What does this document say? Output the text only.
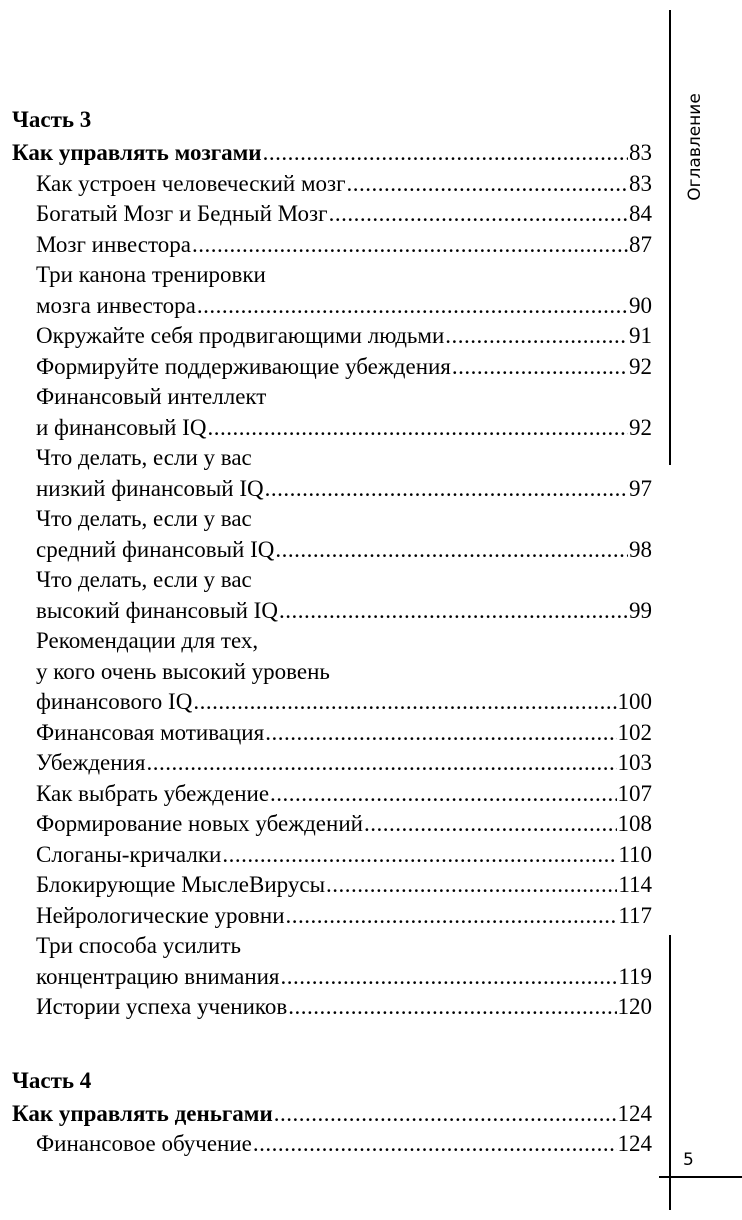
Оглавление
5
Часть 3
Как управлять мозгами .....	83
Как устроен человеческий мозг .....	83
Богатый Мозг и Бедный Мозг .....	84
Мозг инвестора .....	87
Три канона тренировки
мозга инвестора .....	90
Окружайте себя продвигающими людьми .....	91
Формируйте поддерживающие убеждения .....	92
Финансовый интеллект
и финансовый IQ .....	92
Что делать, если у вас
низкий финансовый IQ .....	97
Что делать, если у вас
средний финансовый IQ .....	98
Что делать, если у вас
высокий финансовый IQ .....	99
Рекомендации для тех,
у кого очень высокий уровень
финансового IQ .....	100
Финансовая мотивация .....	102
Убеждения .....	103
Как выбрать убеждение .....	107
Формирование новых убеждений .....	108
Слоганы-кричалки .....	110
Блокирующие МыслеВирусы .....	114
Нейрологические уровни .....	117
Три способа усилить
концентрацию внимания .....	119
Истории успеха учеников .....	120
Часть 4
Как управлять деньгами .....	124
Финансовое обучение .....	124
